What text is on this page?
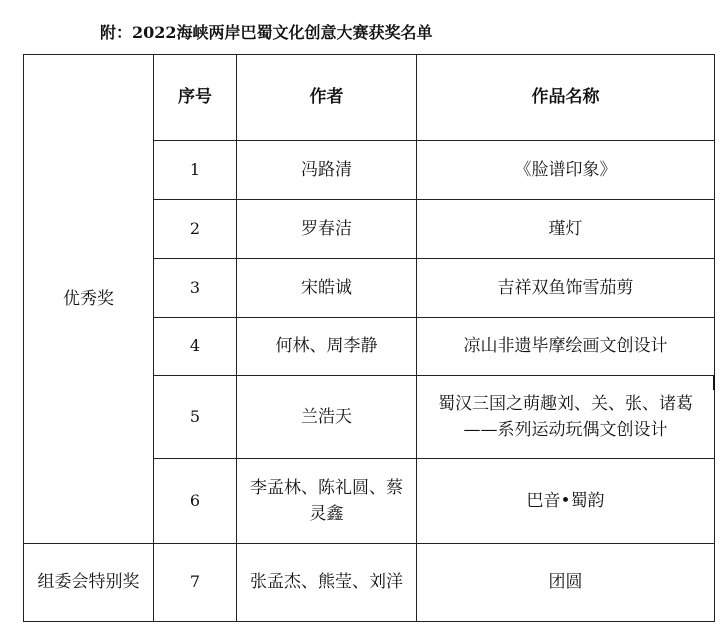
附：2022海峡两岸巴蜀文化创意大赛获奖名单
优秀奖	序号	作者	作品名称
	1	冯路清	《脸谱印象》
	2	罗春洁	瑾灯
	3	宋皓诚	吉祥双鱼饰雪茄剪
	4	何林、周李静	凉山非遗毕摩绘画文创设计
	5	兰浩天	蜀汉三国之萌趣刘、关、张、诸葛
——系列运动玩偶文创设计

	6	李孟林、陈礼圆、蔡
灵鑫	巴音•蜀韵
组委会特别奖	7	张孟杰、熊莹、刘洋	团圆
